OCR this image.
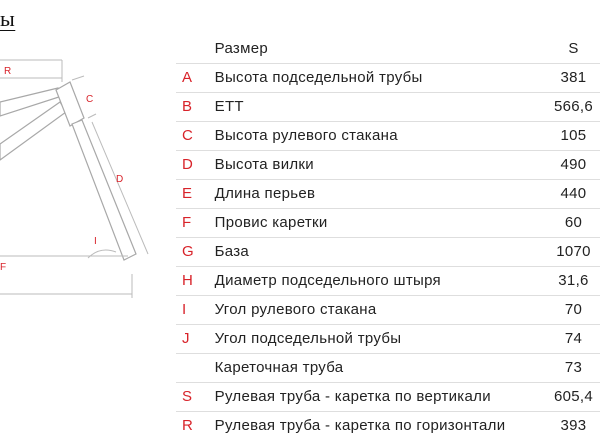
ы
R
C
D
I
F
	Размер	S
A	Высота подседельной трубы	381
B	ЕТТ	566,6
C	Высота рулевого стакана	105
D	Высота вилки	490
E	Длина перьев	440
F	Провис каретки	60
G	База	1070
H	Диаметр подседельного штыря	31,6
I	Угол рулевого стакана	70
J	Угол подседельной трубы	74
	Кареточная труба	73
S	Рулевая труба - каретка по вертикали	605,4
R	Рулевая труба - каретка по горизонтали	393
